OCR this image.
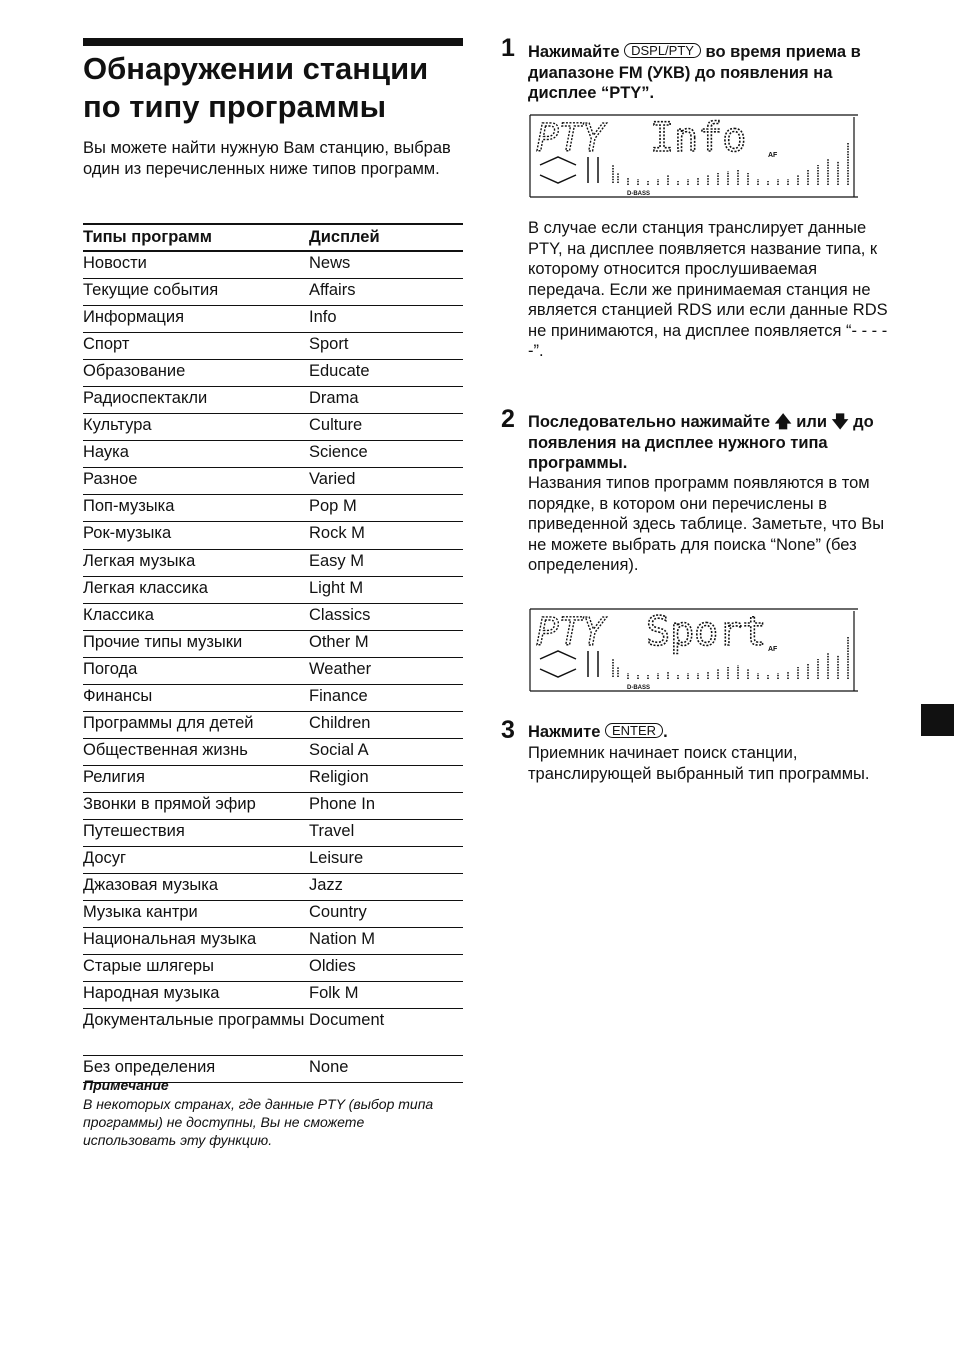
Обнаружении станции по типу программы

Вы можете найти нужную Вам станцию, выбрав один из перечисленных ниже типов программ.

Типы программ	Дисплей
Новости	News
Текущие события	Affairs
Информация	Info
Спорт	Sport
Образование	Educate
Радиоспектакли	Drama
Культура	Culture
Наука	Science
Разное	Varied
Поп-музыка	Pop M
Рок-музыка	Rock M
Легкая музыка	Easy M
Легкая классика	Light M
Классика	Classics
Прочие типы музыки	Other M
Погода	Weather
Финансы	Finance
Программы для детей	Children
Общественная жизнь	Social A
Религия	Religion
Звонки в прямой эфир	Phone In
Путешествия	Travel
Досуг	Leisure
Джазовая музыка	Jazz
Музыка кантри	Country
Национальная музыка	Nation M
Старые шлягеры	Oldies
Народная музыка	Folk M
Документальные программы	Document
Без определения	None

Примечание

В некоторых странах, где данные PTY (выбор типа программы) не доступны, Вы не сможете использовать эту функцию.

1 Нажимайте DSPL/PTY во время приема в диапазоне FM (УКВ) до появления на дисплее “PTY”.

PTY Info	AF
D-BASS

В случае если станция транслирует данные PTY, на дисплее появляется название типа, к которому относится прослушиваемая передача. Если же принимаемая станция не является станцией RDS или если данные RDS не принимаются, на дисплее появляется “- - - - -”.

2 Последовательно нажимайте 🡅 или 🡇 до появления на дисплее нужного типа программы.

Названия типов программ появляются в том порядке, в котором они перечислены в приведенной здесь таблице. Заметьте, что Вы не можете выбрать для поиска “None” (без определения).

PTY Sport AF
D-BASS
3 Нажмите ENTER .

Приемник начинает поиск станции, транслирующей выбранный тип программы.
